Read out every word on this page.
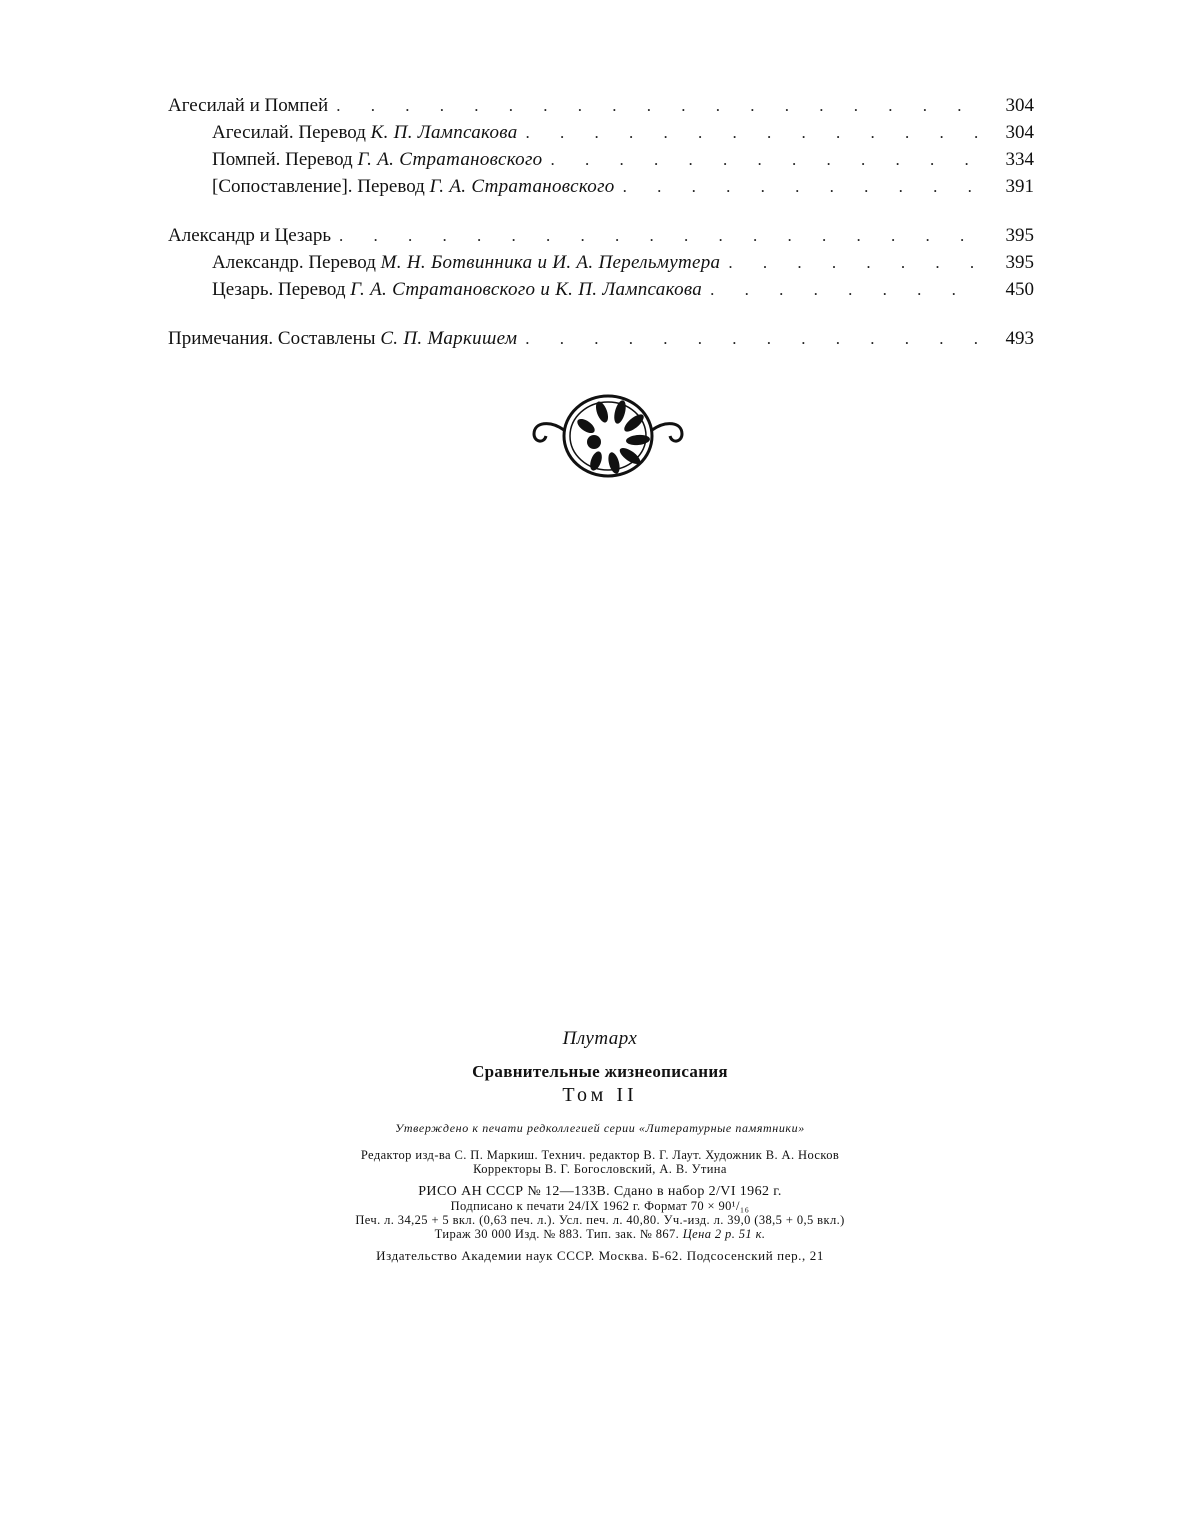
Агесилай и Помпей . . .	304
Агесилай. Перевод К. П. Лампсакова . . .	304
Помпей. Перевод Г. А. Стратановского . . .	334
[Сопоставление]. Перевод Г. А. Стратановского . . .	391
Александр и Цезарь . . .	395
Александр. Перевод М. Н. Ботвинника и И. А. Перельмутера . . .	395
Цезарь. Перевод Г. А. Стратановского и К. П. Лампсакова . . .	450
Примечания. Составлены С. П. Маркишем . . .	493

Плутарх

Сравнительные жизнеописания

Том II

Утверждено к печати редколлегией серии «Литературные памятники»

Редактор изд-ва С. П. Маркиш. Технич. редактор В. Г. Лаут. Художник В. А. Носков

Корректоры В. Г. Богословский, А. В. Утина

РИСО АН СССР № 12—133В. Сдано в набор 2/VI 1962 г.

Подписано к печати 24/IX 1962 г. Формат 70 × 90¹/₁₆

Печ. л. 34,25 + 5 вкл. (0,63 печ. л.). Усл. печ. л. 40,80. Уч.-изд. л. 39,0 (38,5 + 0,5 вкл.)

Тираж 30 000 Изд. № 883. Тип. зак. № 867. Цена 2 р. 51 к.

Издательство Академии наук СССР. Москва. Б-62. Подсосенский пер., 21
